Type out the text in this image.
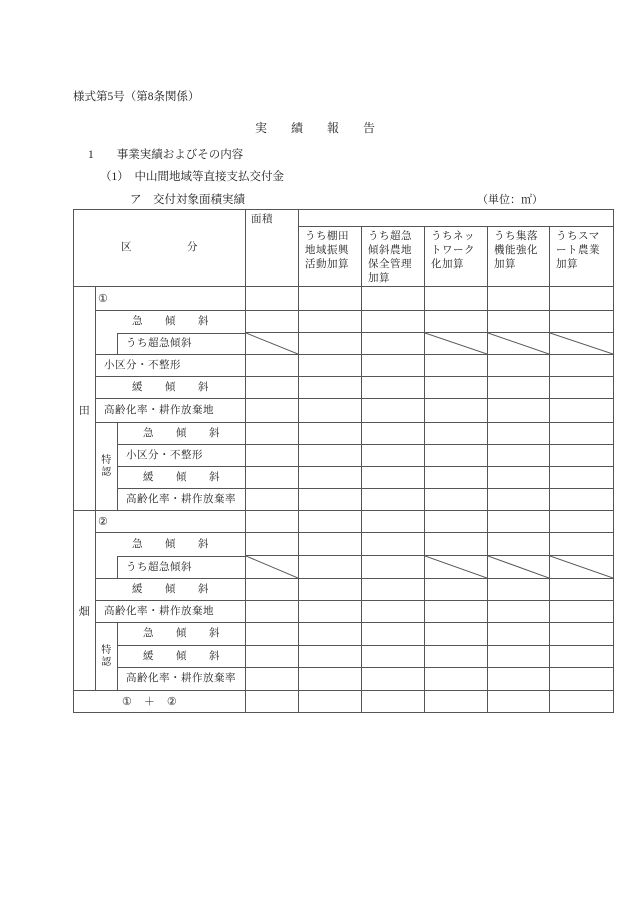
様式第5号（第8条関係）
実　　績　　報　　告
1　　事業実績およびその内容
（1）　中山間地域等直接支払交付金
ア　交付対象面積実績	（単位：㎡）
区　　　　　分
面積
うち棚田地域振興活動加算
うち超急傾斜農地保全管理加算
うちネットワーク化加算
うち集落機能強化加算
うちスマート農業加算
田
①
急　　傾　　斜
うち超急傾斜
小区分・不整形
緩　　傾　　斜
高齢化率・耕作放棄地
特認
急　　傾　　斜
小区分・不整形
緩　　傾　　斜
高齢化率・耕作放棄率
畑
②
急　　傾　　斜
うち超急傾斜
緩　　傾　　斜
高齢化率・耕作放棄地
特認
急　　傾　　斜
緩　　傾　　斜
高齢化率・耕作放棄率
①　＋　②
